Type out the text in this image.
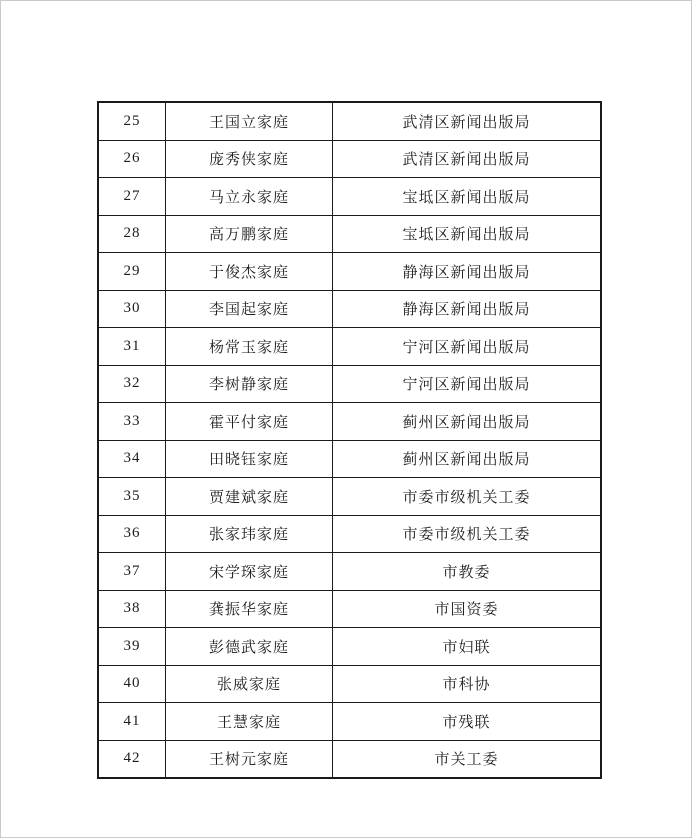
25	王国立家庭	武清区新闻出版局
26	庞秀侠家庭	武清区新闻出版局
27	马立永家庭	宝坻区新闻出版局
28	高万鹏家庭	宝坻区新闻出版局
29	于俊杰家庭	静海区新闻出版局
30	李国起家庭	静海区新闻出版局
31	杨常玉家庭	宁河区新闻出版局
32	李树静家庭	宁河区新闻出版局
33	霍平付家庭	蓟州区新闻出版局
34	田晓钰家庭	蓟州区新闻出版局
35	贾建斌家庭	市委市级机关工委
36	张家玮家庭	市委市级机关工委
37	宋学琛家庭	市教委
38	龚振华家庭	市国资委
39	彭德武家庭	市妇联
40	张威家庭	市科协
41	王慧家庭	市残联
42	王树元家庭	市关工委
